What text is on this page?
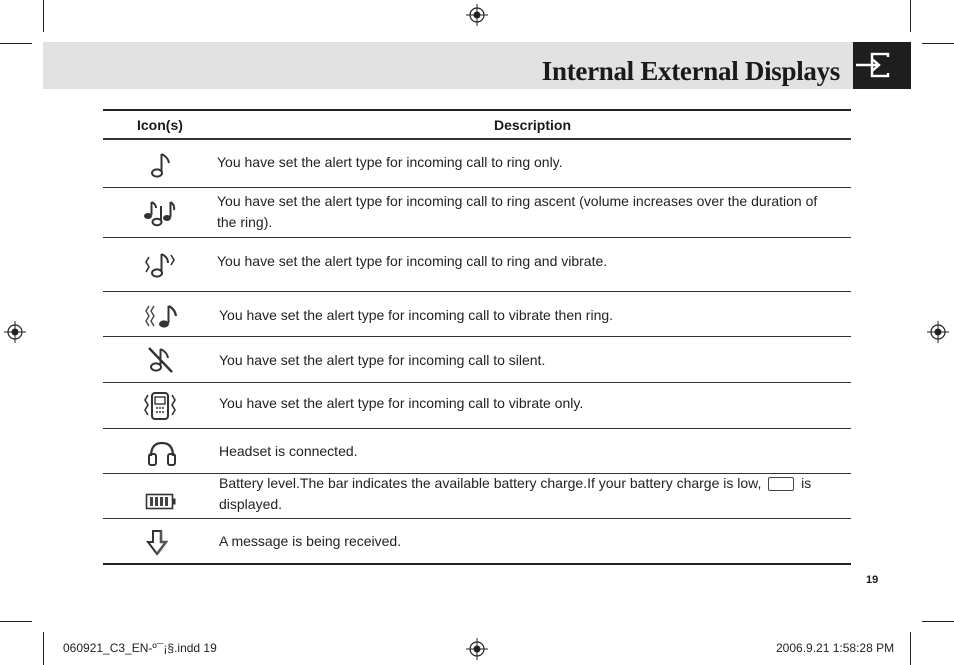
Internal External Displays
Icon(s)	Description
You have set the alert type for incoming call to ring only.
You have set the alert type for incoming call to ring ascent (volume increases over the duration of the ring).
You have set the alert type for incoming call to ring and vibrate.
You have set the alert type for incoming call to vibrate then ring.
You have set the alert type for incoming call to silent.
You have set the alert type for incoming call to vibrate only.
Headset is connected.
Battery level.The bar indicates the available battery charge.If your battery charge is low,  is displayed.
A message is being received.
19
060921_C3_EN-º¯¡§.indd 19	2006.9.21 1:58:28 PM
